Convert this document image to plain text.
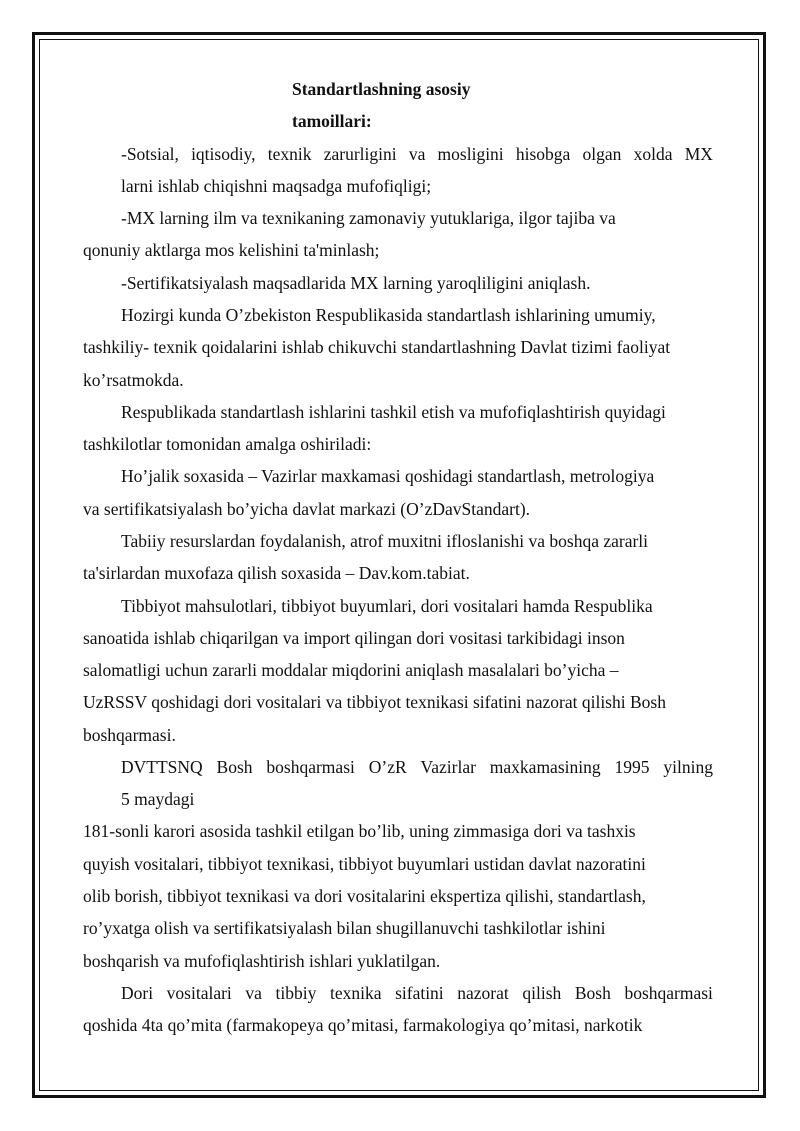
Standartlashning asosiy
tamoillari:
-Sotsial, iqtisodiy, texnik zarurligini va mosligini hisobga olgan xolda MX
larni ishlab chiqishni maqsadga mufofiqligi;
-MX larning ilm va texnikaning zamonaviy yutuklariga, ilgor tajiba va
qonuniy aktlarga mos kelishini ta'minlash;
-Sertifikatsiyalash maqsadlarida MX larning yaroqliligini aniqlash.
Hozirgi kunda O’zbekiston Respublikasida standartlash ishlarining umumiy,
tashkiliy- texnik qoidalarini ishlab chikuvchi standartlashning Davlat tizimi faoliyat
ko’rsatmokda.
Respublikada standartlash ishlarini tashkil etish va mufofiqlashtirish quyidagi
tashkilotlar tomonidan amalga oshiriladi:
Ho’jalik soxasida – Vazirlar maxkamasi qoshidagi standartlash, metrologiya
va sertifikatsiyalash bo’yicha davlat markazi (O’zDavStandart).
Tabiiy resurslardan foydalanish, atrof muxitni ifloslanishi va boshqa zararli
ta'sirlardan muxofaza qilish soxasida – Dav.kom.tabiat.
Tibbiyot mahsulotlari, tibbiyot buyumlari, dori vositalari hamda Respublika
sanoatida ishlab chiqarilgan va import qilingan dori vositasi tarkibidagi inson
salomatligi uchun zararli moddalar miqdorini aniqlash masalalari bo’yicha –
UzRSSV qoshidagi dori vositalari va tibbiyot texnikasi sifatini nazorat qilishi Bosh
boshqarmasi.
DVTTSNQ Bosh boshqarmasi O’zR Vazirlar maxkamasining 1995 yilning
5 maydagi
181-sonli karori asosida tashkil etilgan bo’lib, uning zimmasiga dori va tashxis
quyish vositalari, tibbiyot texnikasi, tibbiyot buyumlari ustidan davlat nazoratini
olib borish, tibbiyot texnikasi va dori vositalarini ekspertiza qilishi, standartlash,
ro’yxatga olish va sertifikatsiyalash bilan shugillanuvchi tashkilotlar ishini
boshqarish va mufofiqlashtirish ishlari yuklatilgan.
Dori vositalari va tibbiy texnika sifatini nazorat qilish Bosh boshqarmasi
qoshida 4ta qo’mita (farmakopeya qo’mitasi, farmakologiya qo’mitasi, narkotik
